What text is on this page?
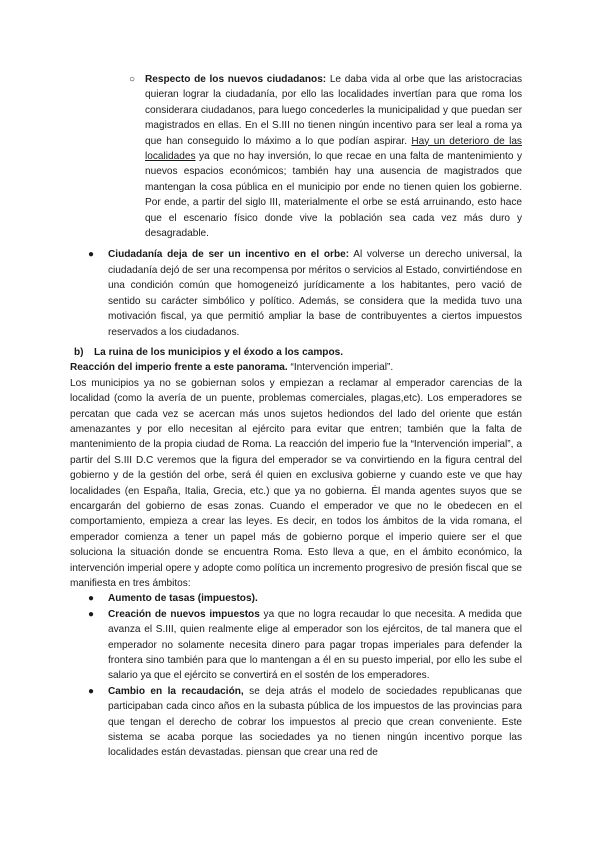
○ Respecto de los nuevos ciudadanos: Le daba vida al orbe que las aristocracias quieran lograr la ciudadanía, por ello las localidades invertían para que roma los considerara ciudadanos, para luego concederles la municipalidad y que puedan ser magistrados en ellas. En el S.III no tienen ningún incentivo para ser leal a roma ya que han conseguido lo máximo a lo que podían aspirar. Hay un deterioro de las localidades ya que no hay inversión, lo que recae en una falta de mantenimiento y nuevos espacios económicos; también hay una ausencia de magistrados que mantengan la cosa pública en el municipio por ende no tienen quien los gobierne. Por ende, a partir del siglo III, materialmente el orbe se está arruinando, esto hace que el escenario físico donde vive la población sea cada vez más duro y desagradable.

● Ciudadanía deja de ser un incentivo en el orbe: Al volverse un derecho universal, la ciudadanía dejó de ser una recompensa por méritos o servicios al Estado, convirtiéndose en una condición común que homogeneizó jurídicamente a los habitantes, pero vació de sentido su carácter simbólico y político. Además, se considera que la medida tuvo una motivación fiscal, ya que permitió ampliar la base de contribuyentes a ciertos impuestos reservados a los ciudadanos.

b) La ruina de los municipios y el éxodo a los campos.

Reacción del imperio frente a este panorama. “Intervención imperial”.

Los municipios ya no se gobiernan solos y empiezan a reclamar al emperador carencias de la localidad (como la avería de un puente, problemas comerciales, plagas,etc). Los emperadores se percatan que cada vez se acercan más unos sujetos hediondos del lado del oriente que están amenazantes y por ello necesitan al ejército para evitar que entren; también que la falta de mantenimiento de la propia ciudad de Roma. La reacción del imperio fue la “Intervención imperial”, a partir del S.III D.C veremos que la figura del emperador se va convirtiendo en la figura central del gobierno y de la gestión del orbe, será él quien en exclusiva gobierne y cuando este ve que hay localidades (en España, Italia, Grecia, etc.) que ya no gobierna. Él manda agentes suyos que se encargarán del gobierno de esas zonas. Cuando el emperador ve que no le obedecen en el comportamiento, empieza a crear las leyes. Es decir, en todos los ámbitos de la vida romana, el emperador comienza a tener un papel más de gobierno porque el imperio quiere ser el que soluciona la situación donde se encuentra Roma. Esto lleva a que, en el ámbito económico, la intervención imperial opere y adopte como política un incremento progresivo de presión fiscal que se manifiesta en tres ámbitos:

● Aumento de tasas (impuestos).

● Creación de nuevos impuestos ya que no logra recaudar lo que necesita. A medida que avanza el S.III, quien realmente elige al emperador son los ejércitos, de tal manera que el emperador no solamente necesita dinero para pagar tropas imperiales para defender la frontera sino también para que lo mantengan a él en su puesto imperial, por ello les sube el salario ya que el ejército se convertirá en el sostén de los emperadores.

● Cambio en la recaudación, se deja atrás el modelo de sociedades republicanas que participaban cada cinco años en la subasta pública de los impuestos de las provincias para que tengan el derecho de cobrar los impuestos al precio que crean conveniente. Este sistema se acaba porque las sociedades ya no tienen ningún incentivo porque las localidades están devastadas. piensan que crear una red de
